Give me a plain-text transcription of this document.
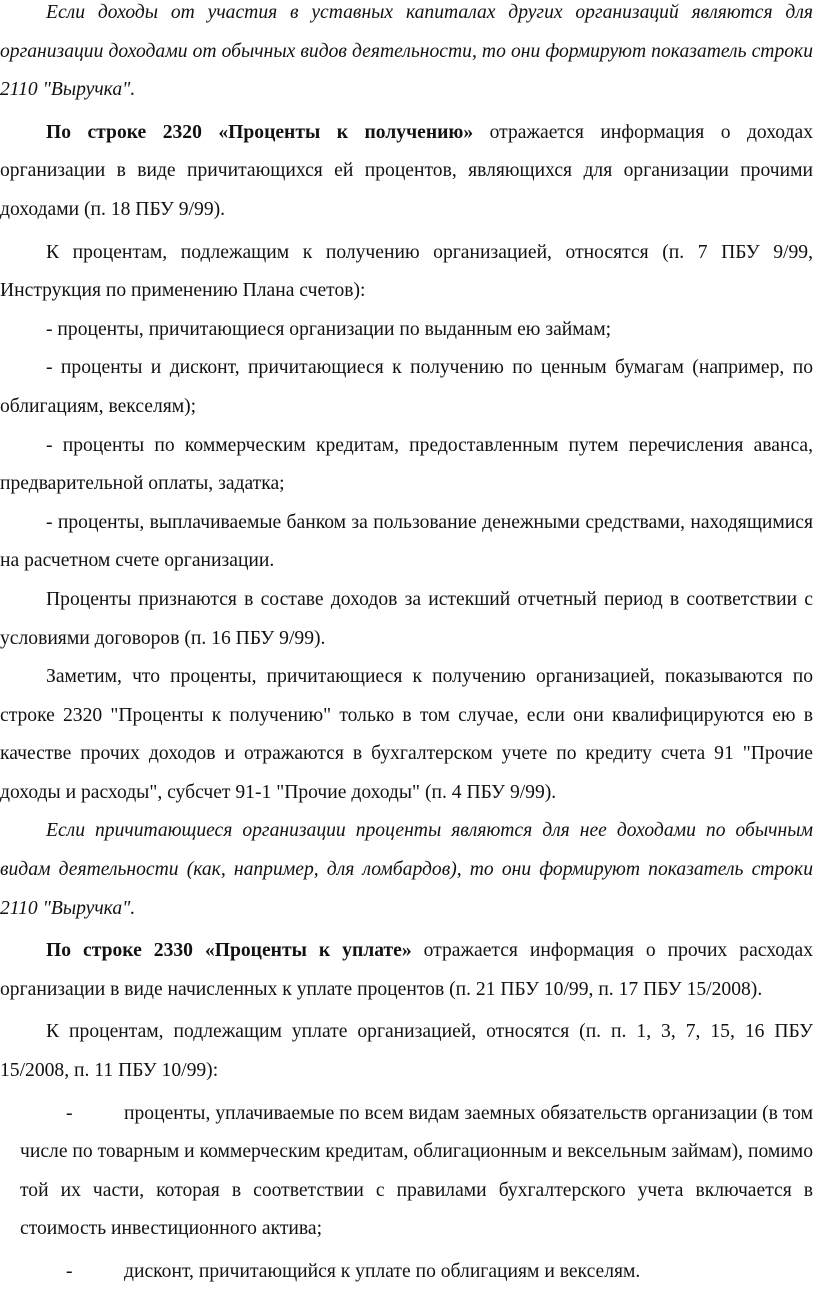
Если доходы от участия в уставных капиталах других организаций являются для организации доходами от обычных видов деятельности, то они формируют показатель строки 2110 "Выручка".

По строке 2320 «Проценты к получению» отражается информация о доходах организации в виде причитающихся ей процентов, являющихся для организации прочими доходами (п. 18 ПБУ 9/99).

К процентам, подлежащим к получению организацией, относятся (п. 7 ПБУ 9/99, Инструкция по применению Плана счетов):

- проценты, причитающиеся организации по выданным ею займам;

- проценты и дисконт, причитающиеся к получению по ценным бумагам (например, по облигациям, векселям);

- проценты по коммерческим кредитам, предоставленным путем перечисления аванса, предварительной оплаты, задатка;

- проценты, выплачиваемые банком за пользование денежными средствами, находящимися на расчетном счете организации.

Проценты признаются в составе доходов за истекший отчетный период в соответствии с условиями договоров (п. 16 ПБУ 9/99).

Заметим, что проценты, причитающиеся к получению организацией, показываются по строке 2320 "Проценты к получению" только в том случае, если они квалифицируются ею в качестве прочих доходов и отражаются в бухгалтерском учете по кредиту счета 91 "Прочие доходы и расходы", субсчет 91-1 "Прочие доходы" (п. 4 ПБУ 9/99).

Если причитающиеся организации проценты являются для нее доходами по обычным видам деятельности (как, например, для ломбардов), то они формируют показатель строки 2110 "Выручка".

По строке 2330 «Проценты к уплате» отражается информация о прочих расходах организации в виде начисленных к уплате процентов (п. 21 ПБУ 10/99, п. 17 ПБУ 15/2008).

К процентам, подлежащим уплате организацией, относятся (п. п. 1, 3, 7, 15, 16 ПБУ 15/2008, п. 11 ПБУ 10/99):

-	проценты, уплачиваемые по всем видам заемных обязательств организации (в том числе по товарным и коммерческим кредитам, облигационным и вексельным займам), помимо той их части, которая в соответствии с правилами бухгалтерского учета включается в стоимость инвестиционного актива;

-	дисконт, причитающийся к уплате по облигациям и векселям.
